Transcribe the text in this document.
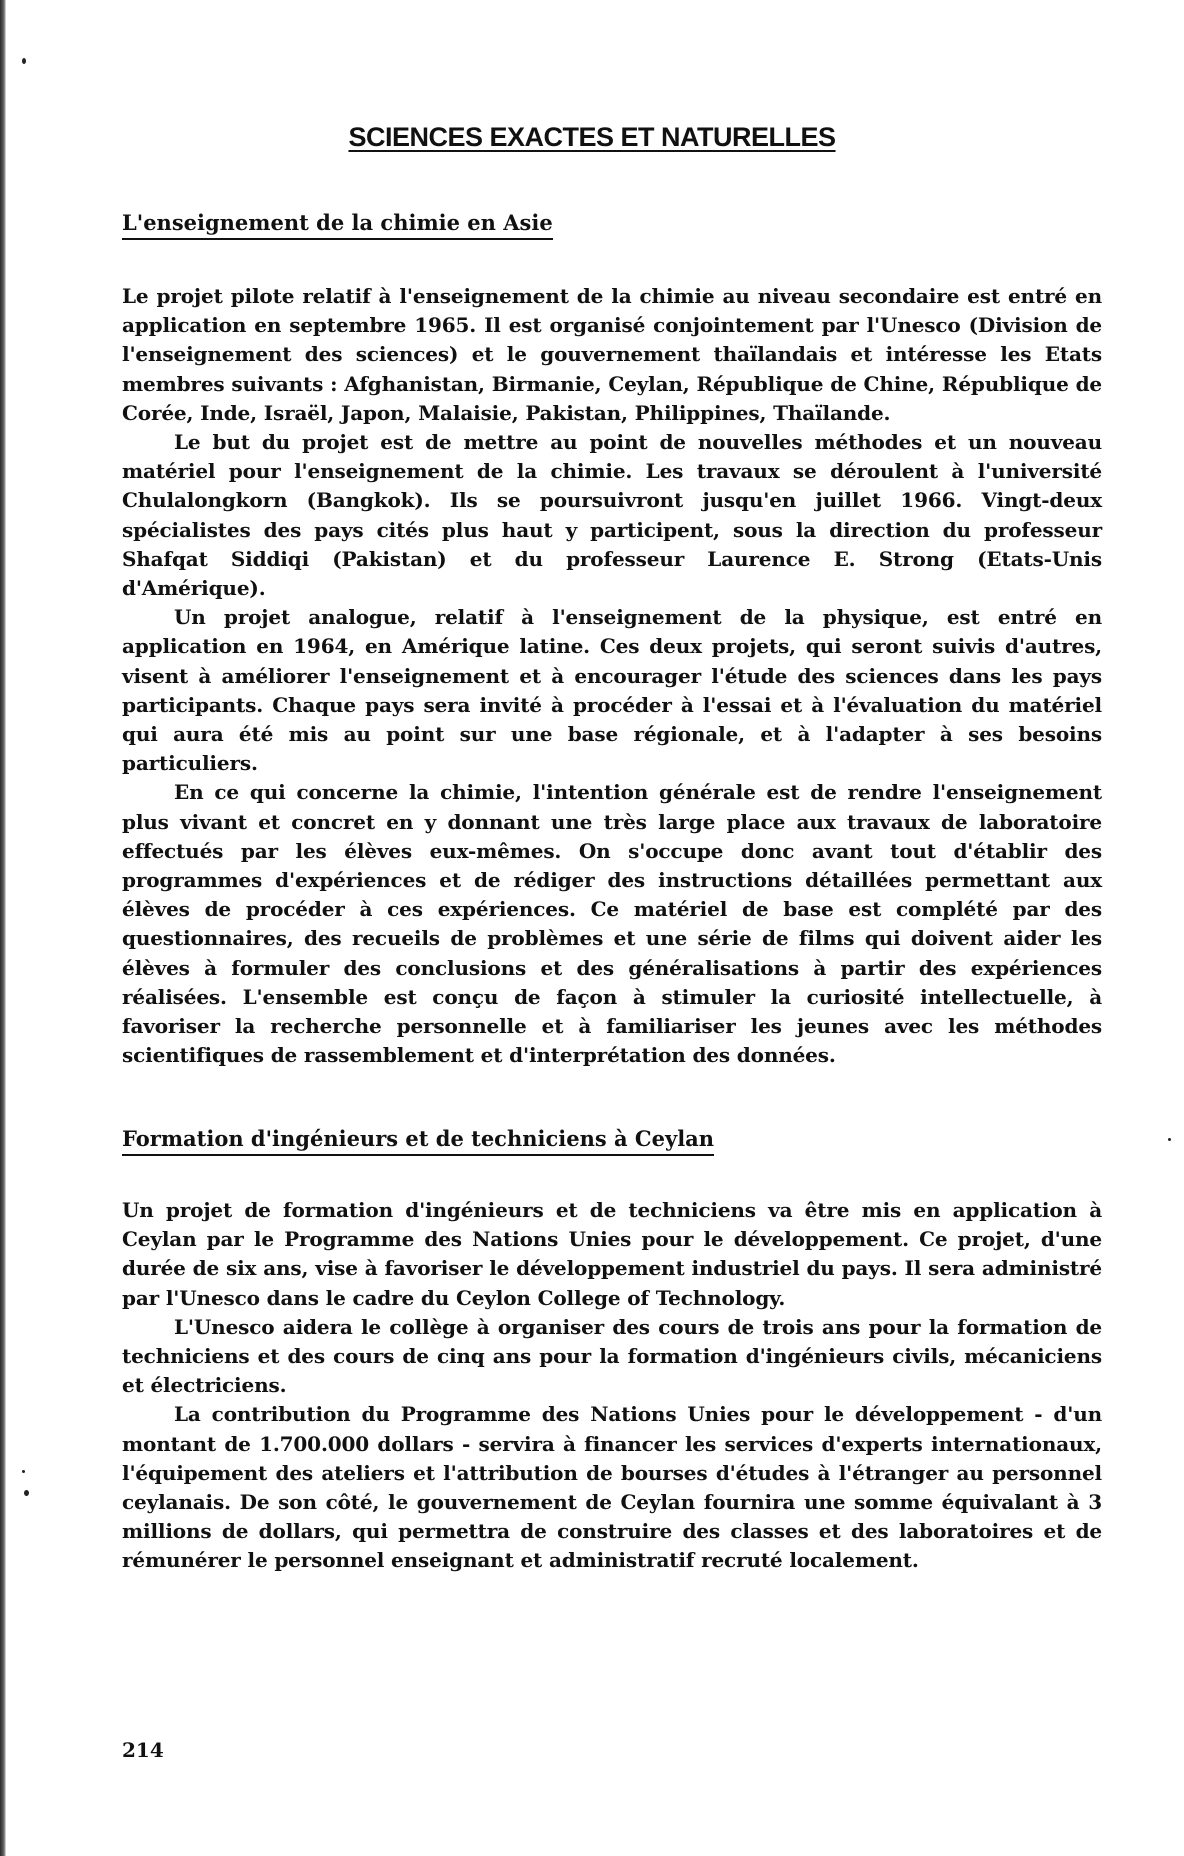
SCIENCES EXACTES ET NATURELLES
L'enseignement de la chimie en Asie

Le projet pilote relatif à l'enseignement de la chimie au niveau secondaire est entré en application en septembre 1965. Il est organisé conjointement par l'Unesco (Division de l'enseignement des sciences) et le gouvernement thaïlandais et intéresse les Etats membres suivants : Afghanistan, Birmanie, Ceylan, République de Chine, République de Corée, Inde, Israël, Japon, Malaisie, Pakistan, Philippines, Thaïlande.

Le but du projet est de mettre au point de nouvelles méthodes et un nouveau matériel pour l'enseignement de la chimie. Les travaux se déroulent à l'université Chulalongkorn (Bangkok). Ils se poursuivront jusqu'en juillet 1966. Vingt-deux spécialistes des pays cités plus haut y participent, sous la direction du professeur Shafqat Siddiqi (Pakistan) et du professeur Laurence E. Strong (Etats-Unis d'Amérique).

Un projet analogue, relatif à l'enseignement de la physique, est entré en application en 1964, en Amérique latine. Ces deux projets, qui seront suivis d'autres, visent à améliorer l'enseignement et à encourager l'étude des sciences dans les pays participants. Chaque pays sera invité à procéder à l'essai et à l'évaluation du matériel qui aura été mis au point sur une base régionale, et à l'adapter à ses besoins particuliers.

En ce qui concerne la chimie, l'intention générale est de rendre l'enseignement plus vivant et concret en y donnant une très large place aux travaux de laboratoire effectués par les élèves eux-mêmes. On s'occupe donc avant tout d'établir des programmes d'expériences et de rédiger des instructions détaillées permettant aux élèves de procéder à ces expériences. Ce matériel de base est complété par des questionnaires, des recueils de problèmes et une série de films qui doivent aider les élèves à formuler des conclusions et des généralisations à partir des expériences réalisées. L'ensemble est conçu de façon à stimuler la curiosité intellectuelle, à favoriser la recherche personnelle et à familiariser les jeunes avec les méthodes scientifiques de rassemblement et d'interprétation des données.

Formation d'ingénieurs et de techniciens à Ceylan

Un projet de formation d'ingénieurs et de techniciens va être mis en application à Ceylan par le Programme des Nations Unies pour le développement. Ce projet, d'une durée de six ans, vise à favoriser le développement industriel du pays. Il sera administré par l'Unesco dans le cadre du Ceylon College of Technology.

L'Unesco aidera le collège à organiser des cours de trois ans pour la formation de techniciens et des cours de cinq ans pour la formation d'ingénieurs civils, mécaniciens et électriciens.

La contribution du Programme des Nations Unies pour le développement - d'un montant de 1.700.000 dollars - servira à financer les services d'experts internationaux, l'équipement des ateliers et l'attribution de bourses d'études à l'étranger au personnel ceylanais. De son côté, le gouvernement de Ceylan fournira une somme équivalant à 3 millions de dollars, qui permettra de construire des classes et des laboratoires et de rémunérer le personnel enseignant et administratif recruté localement.

214
